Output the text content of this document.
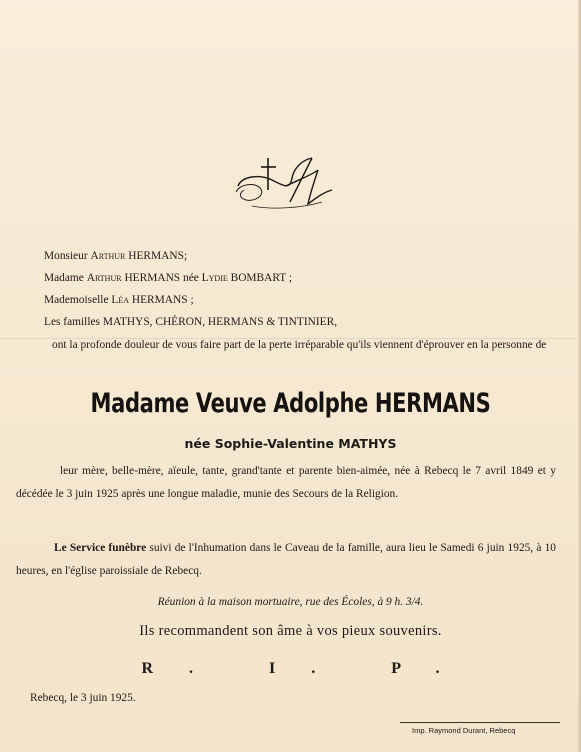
Monsieur Arthur HERMANS;
Madame Arthur HERMANS née Lydie BOMBART ;
Mademoiselle Léa HERMANS ;
Les familles MATHYS, CHÉRON, HERMANS & TINTINIER,
ont la profonde douleur de vous faire part de la perte irréparable qu'ils viennent d'éprouver en la personne de
Madame Veuve Adolphe HERMANS
née Sophie-Valentine MATHYS
leur mère, belle-mère, aïeule, tante, grand'tante et parente bien-aimée, née à Rebecq le 7 avril 1849 et y décédée le 3 juin 1925 après une longue maladie, munie des Secours de la Religion.
Le Service funèbre suivi de l'Inhumation dans le Caveau de la famille, aura lieu le Samedi 6 juin 1925, à 10 heures, en l'église paroissiale de Rebecq.
Réunion à la maison mortuaire, rue des Écoles, à 9 h. 3/4.
Ils recommandent son âme à vos pieux souvenirs.
R. I. P.
Rebecq, le 3 juin 1925.
Imp. Raymond Durant, Rebecq
